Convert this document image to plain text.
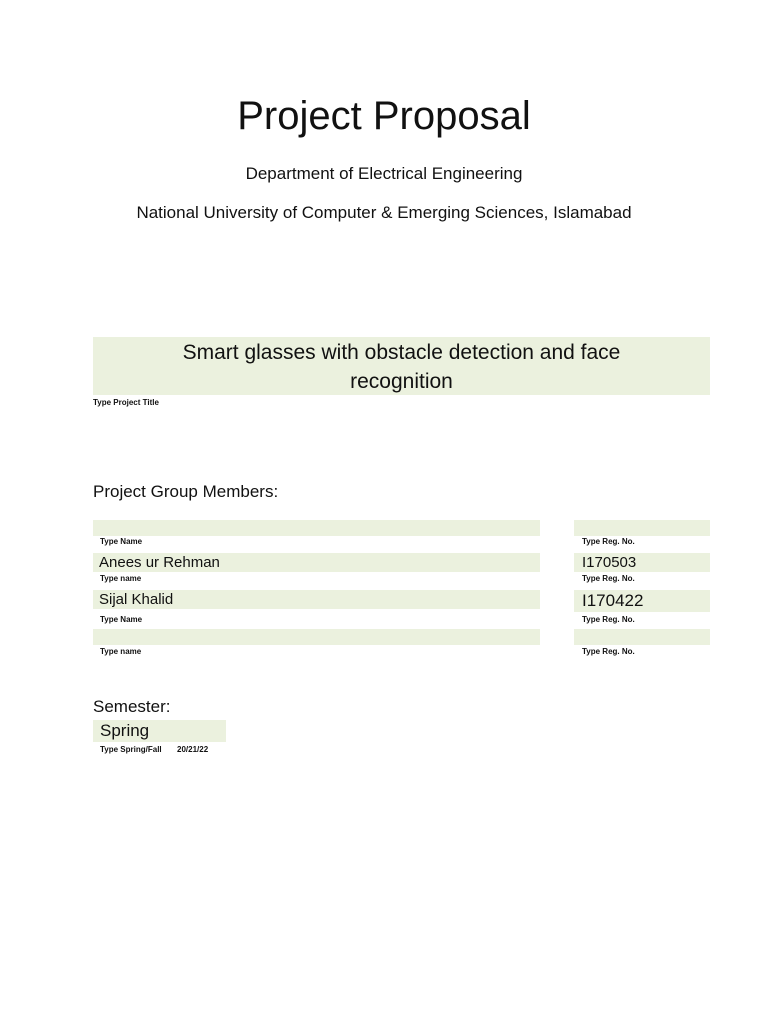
Project Proposal
Department of Electrical Engineering
National University of Computer & Emerging Sciences, Islamabad
Smart glasses with obstacle detection and face recognition
Type Project Title
Project Group Members:
Type Name	Type Reg. No.
Anees ur Rehman	I170503
Type name	Type Reg. No.
Sijal Khalid	I170422
Type Name	Type Reg. No.
Type name	Type Reg. No.
Semester:
Spring
Type Spring/Fall 20/21/22
